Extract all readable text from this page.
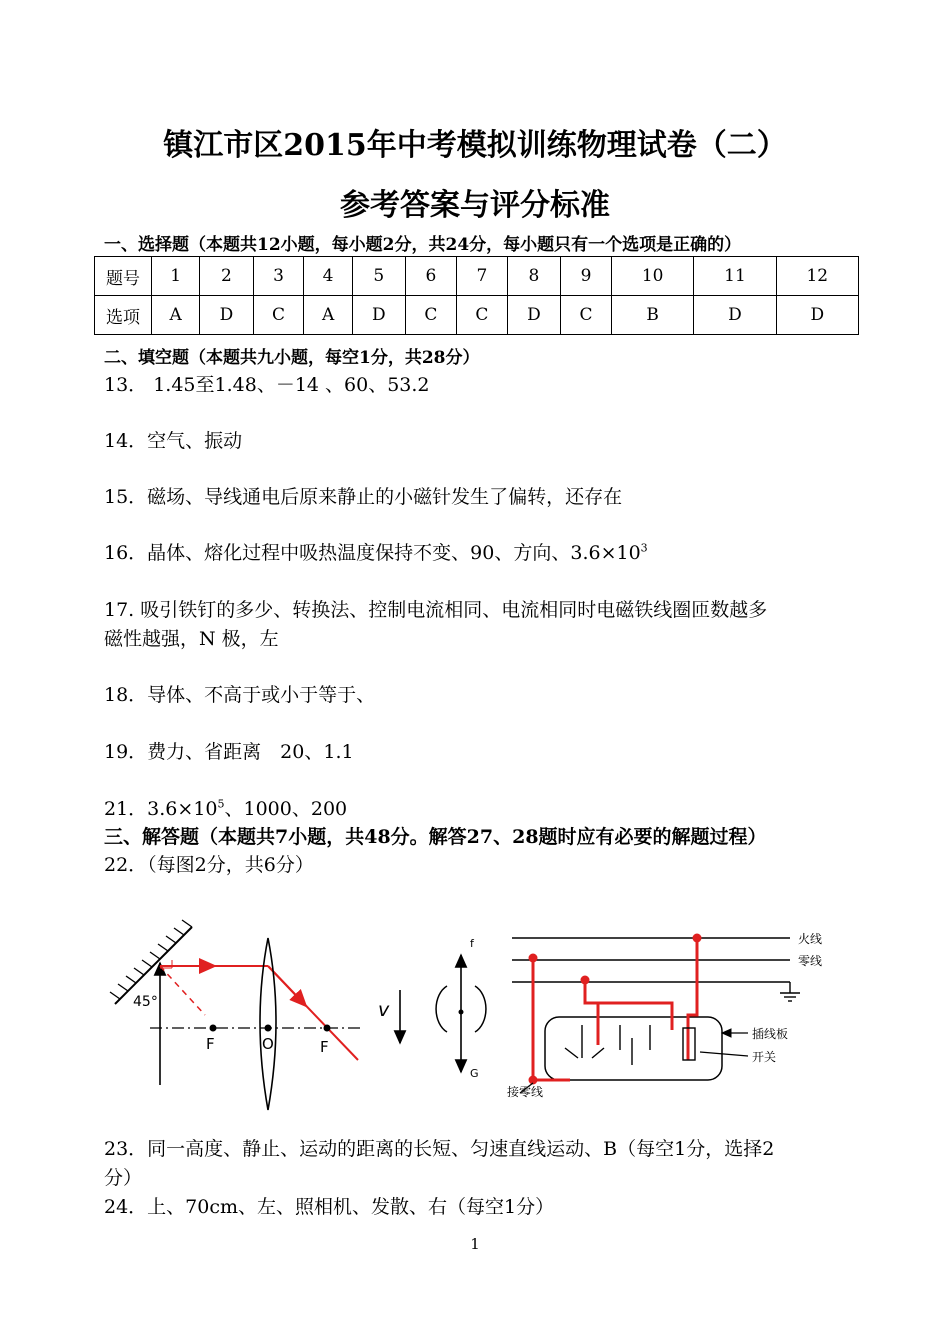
镇江市区2015年中考模拟训练物理试卷（二）
参考答案与评分标准
一、选择题（本题共12小题，每小题2分，共24分，每小题只有一个选项是正确的）
题号	1	2	3	4	5	6	7	8	9	10	11	12
选项	A	D	C	A	D	C	C	D	C	B	D	D
二、填空题（本题共九小题，每空1分，共28分）
13． 1.45至1.48、－14 、60、53.2
14．空气、振动
15．磁场、导线通电后原来静止的小磁针发生了偏转，还存在
16．晶体、熔化过程中吸热温度保持不变、90、方向、$3.6\times 10^3$
17. 吸引铁钉的多少、转换法、控制电流相同、电流相同时电磁铁线圈匝数越多
磁性越强，N 极，左
18．导体、不高于或小于等于、
19．费力、省距离　20、1.1
21．$3.6\times 10^5$、1000、200
三、解答题（本题共7小题，共48分。解答27、28题时应有必要的解题过程）
22．（每图2分，共6分）
45°
F	O	F
v
f
G
火线
零线
插线板
开关
接零线
23．同一高度、静止、运动的距离的长短、匀速直线运动、B（每空1分，选择2
分）
24．上、70cm、左、照相机、发散、右（每空1分）
1
